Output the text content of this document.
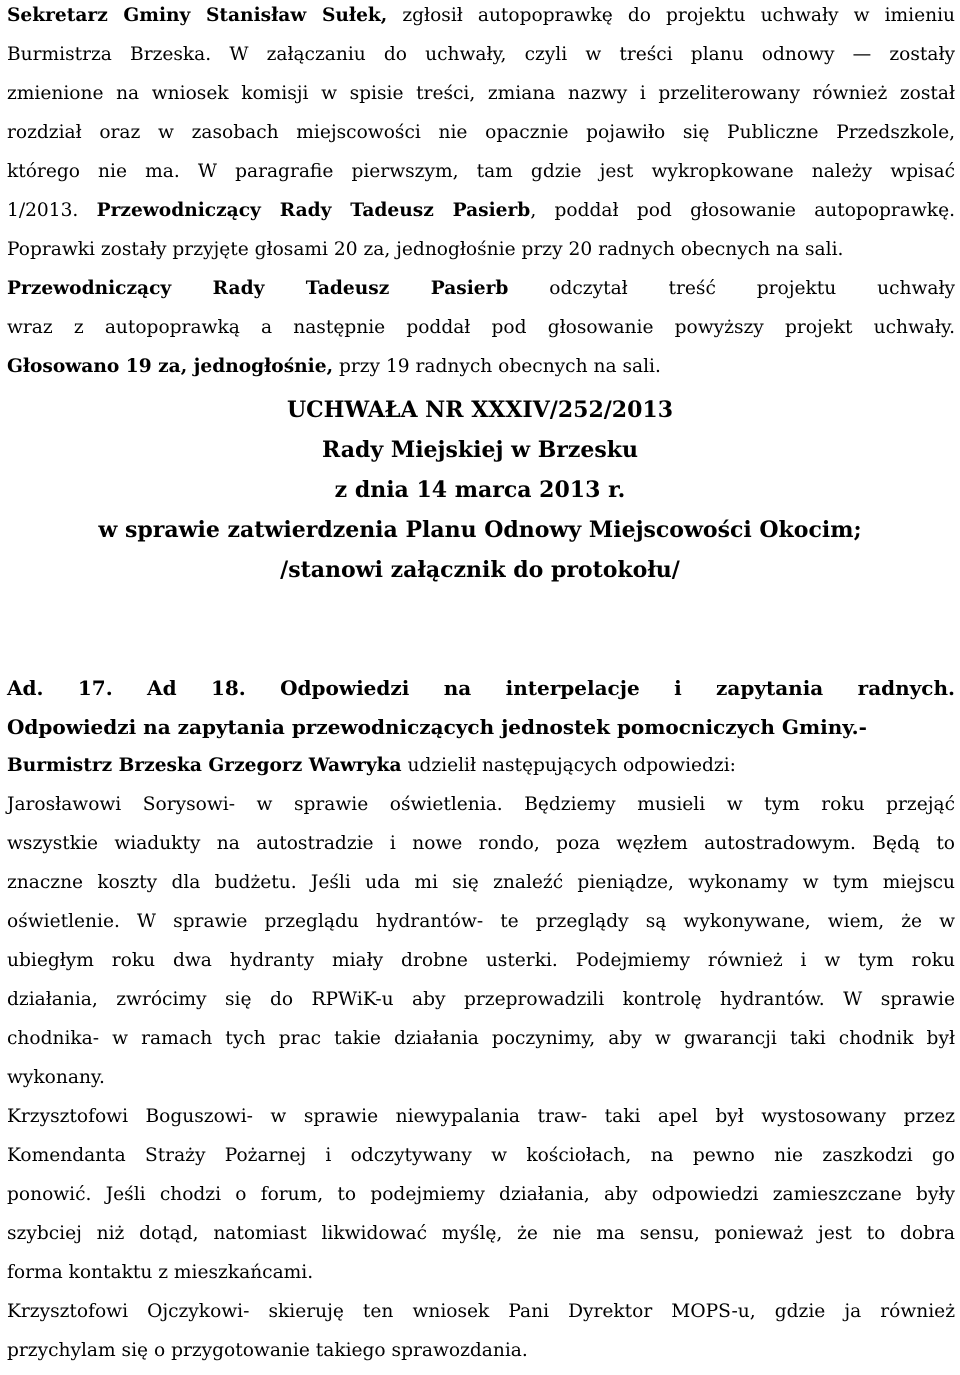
Sekretarz Gminy Stanisław Sułek, zgłosił autopoprawkę do projektu uchwały w imieniu
Burmistrza Brzeska. W załączaniu do uchwały, czyli w treści planu odnowy — zostały
zmienione na wniosek komisji w spisie treści, zmiana nazwy i przeliterowany również został
rozdział oraz w zasobach miejscowości nie opacznie pojawiło się Publiczne Przedszkole,
którego nie ma. W paragrafie pierwszym, tam gdzie jest wykropkowane należy wpisać
1/2013. Przewodniczący Rady Tadeusz Pasierb, poddał pod głosowanie autopoprawkę.
Poprawki zostały przyjęte głosami 20 za, jednogłośnie przy 20 radnych obecnych na sali.
Przewodniczący Rady Tadeusz Pasierb odczytał treść projektu uchwały
wraz z autopoprawką a następnie poddał pod głosowanie powyższy projekt uchwały.
Głosowano 19 za, jednogłośnie, przy 19 radnych obecnych na sali.
UCHWAŁA NR XXXIV/252/2013
Rady Miejskiej w Brzesku
z dnia 14 marca 2013 r.
w sprawie zatwierdzenia Planu Odnowy Miejscowości Okocim;
/stanowi załącznik do protokołu/
Ad. 17. Ad 18. Odpowiedzi na interpelacje i zapytania radnych.
Odpowiedzi na zapytania przewodniczących jednostek pomocniczych Gminy.-
Burmistrz Brzeska Grzegorz Wawryka udzielił następujących odpowiedzi:
Jarosławowi Sorysowi- w sprawie oświetlenia. Będziemy musieli w tym roku przejąć
wszystkie wiadukty na autostradzie i nowe rondo, poza węzłem autostradowym. Będą to
znaczne koszty dla budżetu. Jeśli uda mi się znaleźć pieniądze, wykonamy w tym miejscu
oświetlenie. W sprawie przeglądu hydrantów- te przeglądy są wykonywane, wiem, że w
ubiegłym roku dwa hydranty miały drobne usterki. Podejmiemy również i w tym roku
działania, zwrócimy się do RPWiK-u aby przeprowadzili kontrolę hydrantów. W sprawie
chodnika- w ramach tych prac takie działania poczynimy, aby w gwarancji taki chodnik był
wykonany.
Krzysztofowi Boguszowi- w sprawie niewypalania traw- taki apel był wystosowany przez
Komendanta Straży Pożarnej i odczytywany w kościołach, na pewno nie zaszkodzi go
ponowić. Jeśli chodzi o forum, to podejmiemy działania, aby odpowiedzi zamieszczane były
szybciej niż dotąd, natomiast likwidować myślę, że nie ma sensu, ponieważ jest to dobra
forma kontaktu z mieszkańcami.
Krzysztofowi Ojczykowi- skieruję ten wniosek Pani Dyrektor MOPS-u, gdzie ja również
przychylam się o przygotowanie takiego sprawozdania.
